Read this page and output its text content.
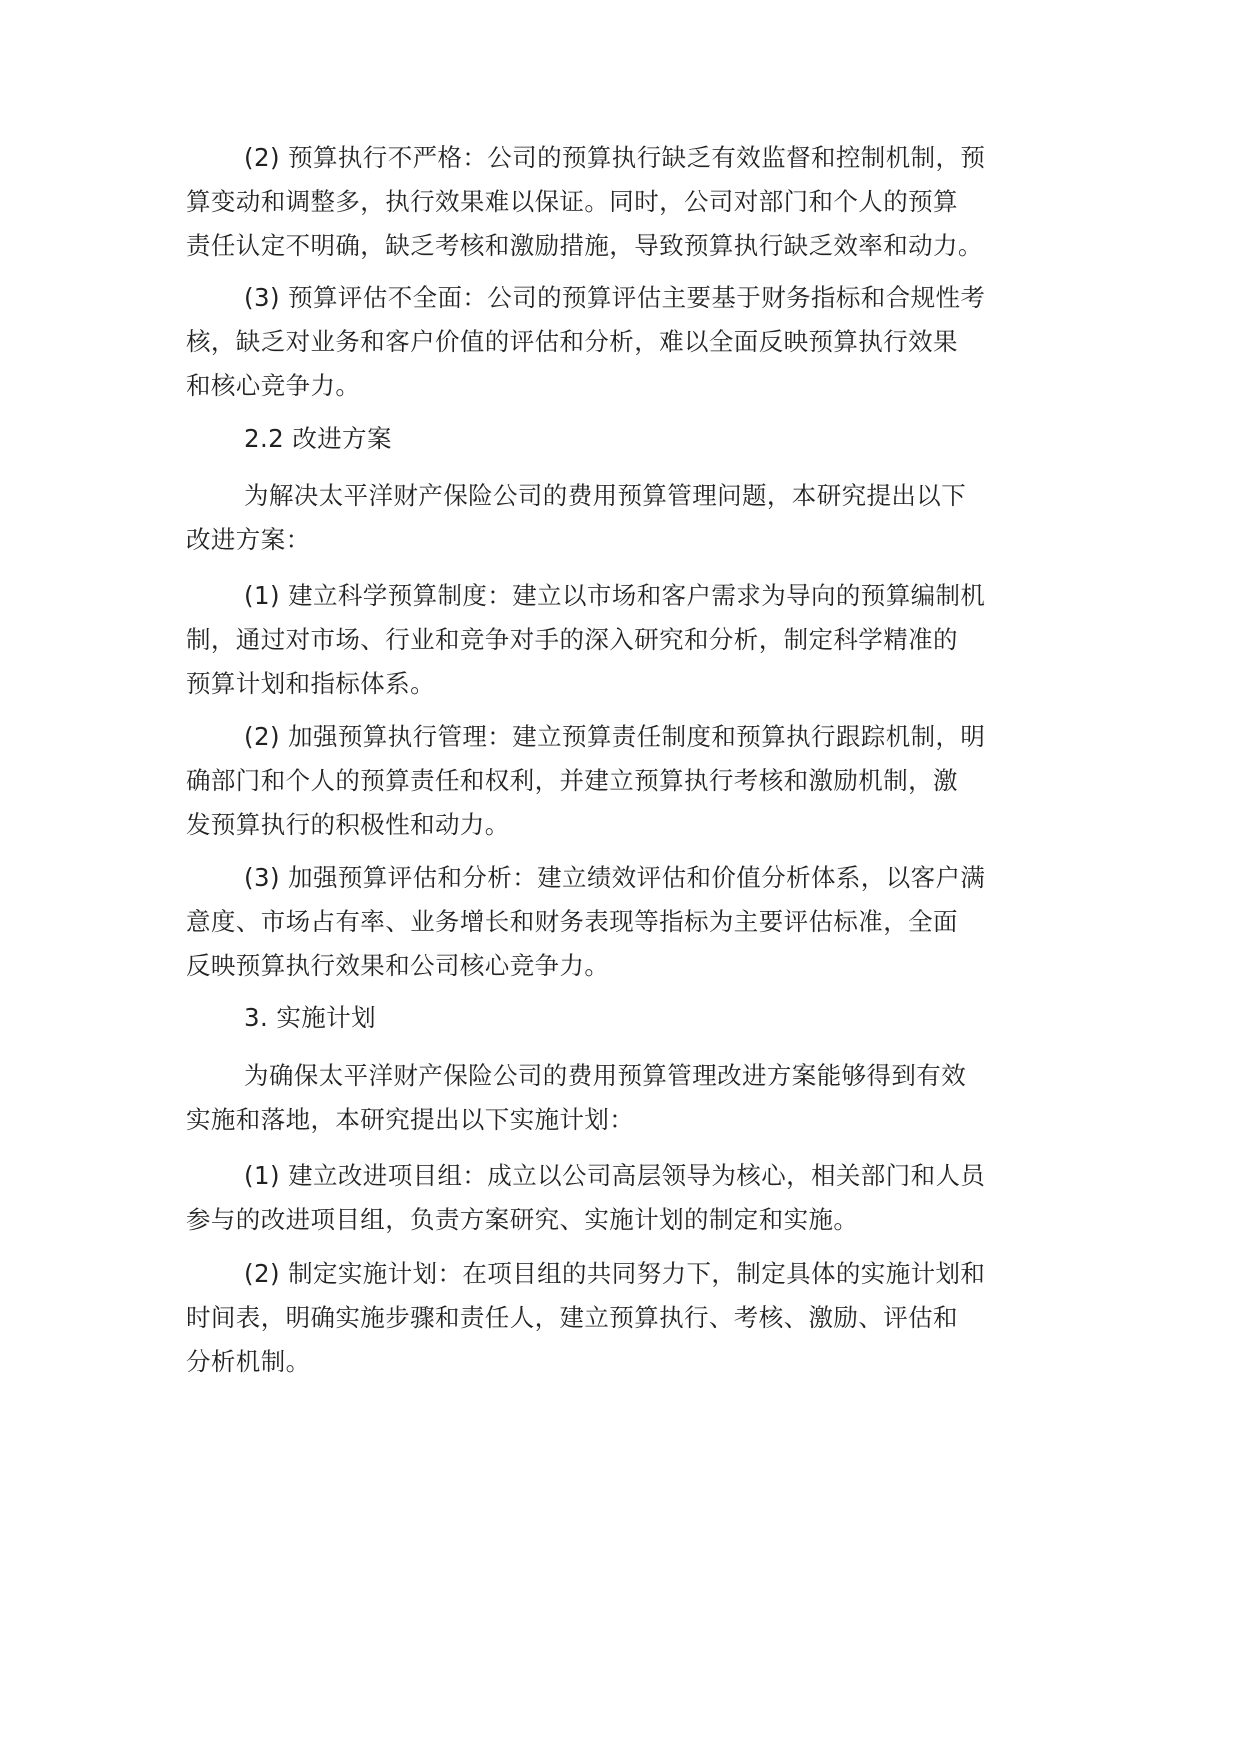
(2) 预算执行不严格：公司的预算执行缺乏有效监督和控制机制，预
算变动和调整多，执行效果难以保证。同时，公司对部门和个人的预算
责任认定不明确，缺乏考核和激励措施，导致预算执行缺乏效率和动力。
(3) 预算评估不全面：公司的预算评估主要基于财务指标和合规性考
核，缺乏对业务和客户价值的评估和分析，难以全面反映预算执行效果
和核心竞争力。
2.2 改进方案
为解决太平洋财产保险公司的费用预算管理问题，本研究提出以下
改进方案：
(1) 建立科学预算制度：建立以市场和客户需求为导向的预算编制机
制，通过对市场、行业和竞争对手的深入研究和分析，制定科学精准的
预算计划和指标体系。
(2) 加强预算执行管理：建立预算责任制度和预算执行跟踪机制，明
确部门和个人的预算责任和权利，并建立预算执行考核和激励机制，激
发预算执行的积极性和动力。
(3) 加强预算评估和分析：建立绩效评估和价值分析体系，以客户满
意度、市场占有率、业务增长和财务表现等指标为主要评估标准，全面
反映预算执行效果和公司核心竞争力。
3. 实施计划
为确保太平洋财产保险公司的费用预算管理改进方案能够得到有效
实施和落地，本研究提出以下实施计划：
(1) 建立改进项目组：成立以公司高层领导为核心，相关部门和人员
参与的改进项目组，负责方案研究、实施计划的制定和实施。
(2) 制定实施计划：在项目组的共同努力下，制定具体的实施计划和
时间表，明确实施步骤和责任人，建立预算执行、考核、激励、评估和
分析机制。
